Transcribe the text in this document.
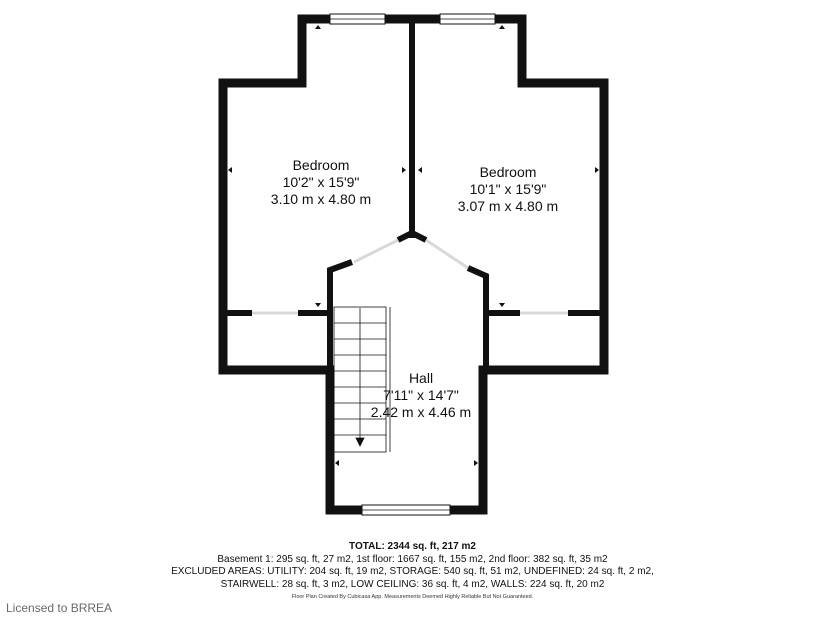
Bedroom
10'2" x 15'9"
3.10 m x 4.80 m
Bedroom
10'1" x 15'9"
3.07 m x 4.80 m
Hall
7'11" x 14'7"
2.42 m x 4.46 m
TOTAL: 2344 sq. ft, 217 m2
Basement 1: 295 sq. ft, 27 m2, 1st floor: 1667 sq. ft, 155 m2, 2nd floor: 382 sq. ft, 35 m2
EXCLUDED AREAS: UTILITY: 204 sq. ft, 19 m2, STORAGE: 540 sq. ft, 51 m2, UNDEFINED: 24 sq. ft, 2 m2,
STAIRWELL: 28 sq. ft, 3 m2, LOW CEILING: 36 sq. ft, 4 m2, WALLS: 224 sq. ft, 20 m2
Floor Plan Created By Cubicasa App. Measurements Deemed Highly Reliable But Not Guaranteed.
Licensed to BRREA
